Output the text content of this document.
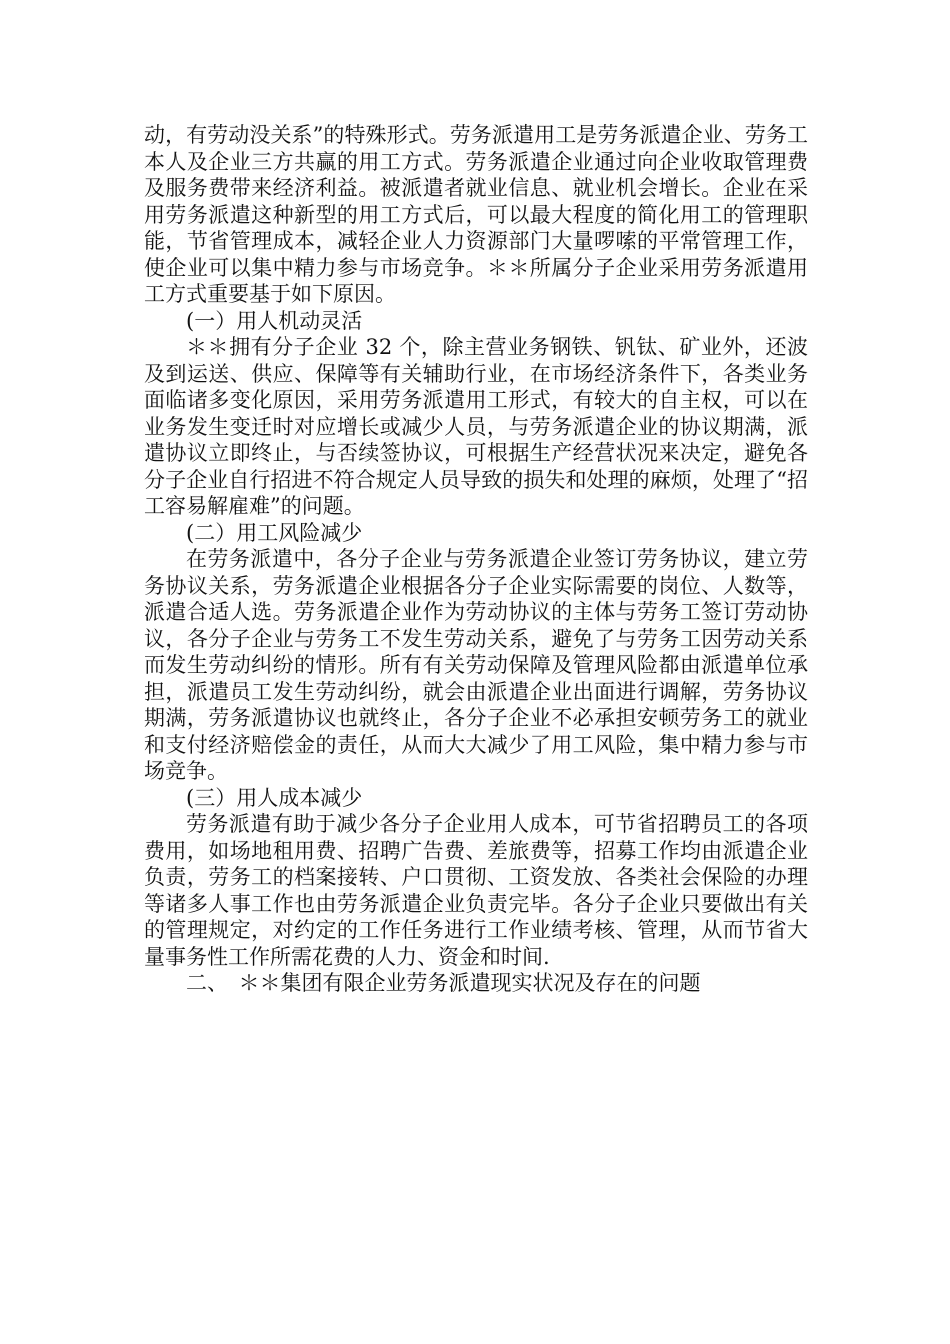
动，有劳动没关系”的特殊形式。劳务派遣用工是劳务派遣企业、劳务工本人及企业三方共赢的用工方式。劳务派遣企业通过向企业收取管理费及服务费带来经济利益。被派遣者就业信息、就业机会增长。企业在采用劳务派遣这种新型的用工方式后，可以最大程度的简化用工的管理职能，节省管理成本，减轻企业人力资源部门大量啰嗦的平常管理工作，使企业可以集中精力参与市场竞争。＊＊所属分子企业采用劳务派遣用工方式重要基于如下原因。

(一）用人机动灵活

＊＊拥有分子企业 32 个，除主营业务钢铁、钒钛、矿业外，还波及到运送、供应、保障等有关辅助行业，在市场经济条件下，各类业务面临诸多变化原因，采用劳务派遣用工形式，有较大的自主权，可以在业务发生变迁时对应增长或减少人员，与劳务派遣企业的协议期满，派遣协议立即终止，与否续签协议，可根据生产经营状况来决定，避免各分子企业自行招进不符合规定人员导致的损失和处理的麻烦，处理了“招工容易解雇难”的问题。

(二）用工风险减少

在劳务派遣中，各分子企业与劳务派遣企业签订劳务协议，建立劳务协议关系，劳务派遣企业根据各分子企业实际需要的岗位、人数等，派遣合适人选。劳务派遣企业作为劳动协议的主体与劳务工签订劳动协议，各分子企业与劳务工不发生劳动关系，避免了与劳务工因劳动关系而发生劳动纠纷的情形。所有有关劳动保障及管理风险都由派遣单位承担，派遣员工发生劳动纠纷，就会由派遣企业出面进行调解，劳务协议期满，劳务派遣协议也就终止，各分子企业不必承担安顿劳务工的就业和支付经济赔偿金的责任，从而大大减少了用工风险，集中精力参与市场竞争。

(三）用人成本减少

劳务派遣有助于减少各分子企业用人成本，可节省招聘员工的各项费用，如场地租用费、招聘广告费、差旅费等，招募工作均由派遣企业负责，劳务工的档案接转、户口贯彻、工资发放、各类社会保险的办理等诸多人事工作也由劳务派遣企业负责完毕。各分子企业只要做出有关的管理规定，对约定的工作任务进行工作业绩考核、管理，从而节省大量事务性工作所需花费的人力、资金和时间.

二、　＊＊集团有限企业劳务派遣现实状况及存在的问题
